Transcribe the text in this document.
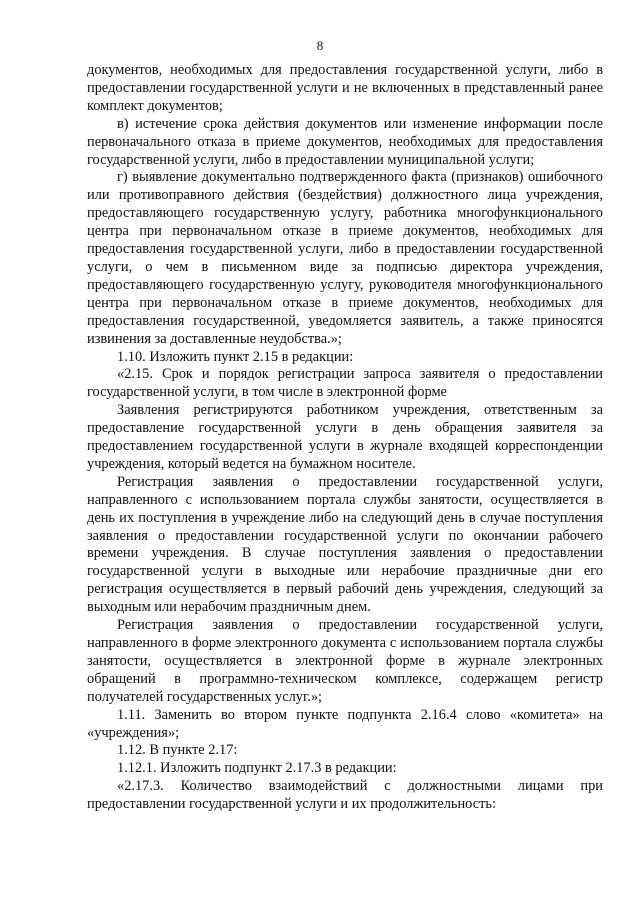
8

документов, необходимых для предоставления государственной услуги, либо в предоставлении государственной услуги и не включенных в представленный ранее комплект документов;

в) истечение срока действия документов или изменение информации после первоначального отказа в приеме документов, необходимых для предоставления государственной услуги, либо в предоставлении муниципальной услуги;

г) выявление документально подтвержденного факта (признаков) ошибочного или противоправного действия (бездействия) должностного лица учреждения, предоставляющего государственную услугу, работника многофункционального центра при первоначальном отказе в приеме документов, необходимых для предоставления государственной услуги, либо в предоставлении государственной услуги, о чем в письменном виде за подписью директора учреждения, предоставляющего государственную услугу, руководителя многофункционального центра при первоначальном отказе в приеме документов, необходимых для предоставления государственной, уведомляется заявитель, а также приносятся извинения за доставленные неудобства.»;

1.10. Изложить пункт 2.15 в редакции:

«2.15. Срок и порядок регистрации запроса заявителя о предоставлении государственной услуги, в том числе в электронной форме

Заявления регистрируются работником учреждения, ответственным за предоставление государственной услуги в день обращения заявителя за предоставлением государственной услуги в журнале входящей корреспонденции учреждения, который ведется на бумажном носителе.

Регистрация заявления о предоставлении государственной услуги, направленного с использованием портала службы занятости, осуществляется в день их поступления в учреждение либо на следующий день в случае поступления заявления о предоставлении государственной услуги по окончании рабочего времени учреждения. В случае поступления заявления о предоставлении государственной услуги в выходные или нерабочие праздничные дни его регистрация осуществляется в первый рабочий день учреждения, следующий за выходным или нерабочим праздничным днем.

Регистрация заявления о предоставлении государственной услуги, направленного в форме электронного документа с использованием портала службы занятости, осуществляется в электронной форме в журнале электронных обращений в программно-техническом комплексе, содержащем регистр получателей государственных услуг.»;

1.11. Заменить во втором пункте подпункта 2.16.4 слово «комитета» на «учреждения»;

1.12. В пункте 2.17:

1.12.1. Изложить подпункт 2.17.3 в редакции:

«2.17.3. Количество взаимодействий с должностными лицами при предоставлении государственной услуги и их продолжительность:
